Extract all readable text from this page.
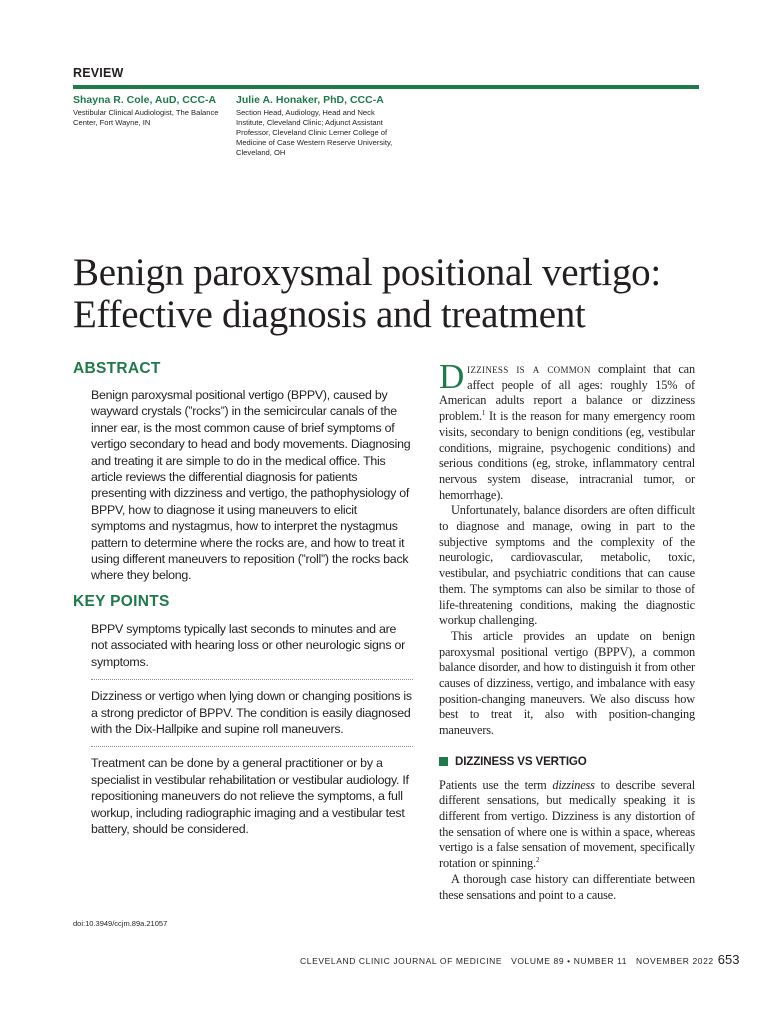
REVIEW
Shayna R. Cole, AuD, CCC-A
Vestibular Clinical Audiologist, The Balance
Center, Fort Wayne, IN
Julie A. Honaker, PhD, CCC-A
Section Head, Audiology, Head and Neck
Institute, Cleveland Clinic; Adjunct Assistant
Professor, Cleveland Clinic Lerner College of
Medicine of Case Western Reserve University,
Cleveland, OH
Benign paroxysmal positional vertigo:
Effective diagnosis and treatment
ABSTRACT
Benign paroxysmal positional vertigo (BPPV), caused by wayward crystals (”rocks”) in the semicircular canals of the inner ear, is the most common cause of brief symptoms of vertigo secondary to head and body movements. Diagnosing and treating it are simple to do in the medical office. This article reviews the differential diagnosis for patients presenting with dizziness and vertigo, the pathophysiology of BPPV, how to diagnose it using maneuvers to elicit symptoms and nystagmus, how to interpret the nystagmus pattern to determine where the rocks are, and how to treat it using different maneuvers to reposition (”roll”) the rocks back where they belong.
KEY POINTS
BPPV symptoms typically last seconds to minutes and are not associated with hearing loss or other neurologic signs or symptoms.
Dizziness or vertigo when lying down or changing positions is a strong predictor of BPPV. The condition is easily diagnosed with the Dix-Hallpike and supine roll maneuvers.
Treatment can be done by a general practitioner or by a specialist in vestibular rehabilitation or vestibular audiology. If repositioning maneuvers do not relieve the symptoms, a full workup, including radiographic imaging and a vestibular test battery, should be considered.
doi:10.3949/ccjm.89a.21057

Dizziness is a common complaint that can affect people of all ages: roughly 15% of American adults report a balance or dizziness problem.$^1$ It is the reason for many emergency room visits, secondary to benign conditions (eg, vestibular conditions, migraine, psychogenic conditions) and serious conditions (eg, stroke, inflammatory central nervous system disease, intracranial tumor, or hemorrhage).

Unfortunately, balance disorders are often difficult to diagnose and manage, owing in part to the subjective symptoms and the complexity of the neurologic, cardiovascular, metabolic, toxic, vestibular, and psychiatric conditions that can cause them. The symptoms can also be similar to those of life-threatening conditions, making the diagnostic workup challenging.

This article provides an update on benign paroxysmal positional vertigo (BPPV), a common balance disorder, and how to distinguish it from other causes of dizziness, vertigo, and imbalance with easy position-changing maneuvers. We also discuss how best to treat it, also with position-changing maneuvers.

DIZZINESS VS VERTIGO

Patients use the term dizziness to describe several different sensations, but medically speaking it is different from vertigo. Dizziness is any distortion of the sensation of where one is within a space, whereas vertigo is a false sensation of movement, specifically rotation or spinning.$^2$

A thorough case history can differentiate between these sensations and point to a cause.

CLEVELAND CLINIC JOURNAL OF MEDICINE VOLUME 89 • NUMBER 11 NOVEMBER 2022 653
